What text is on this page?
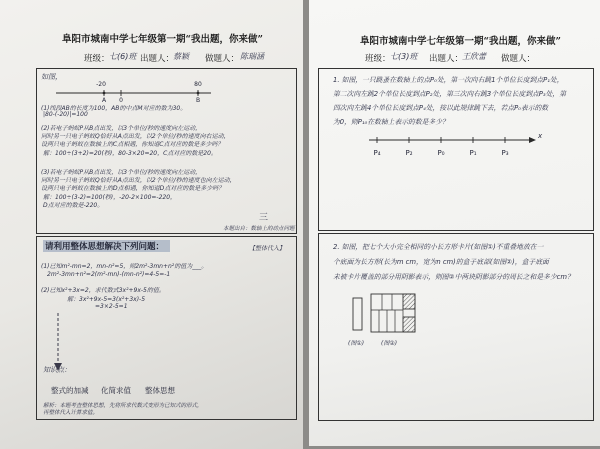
阜阳市城南中学七年级第一期“我出题，你来做”
班级： 七(6)班 出题人：
蔡颖 做题人： 陈瑞涵
如图，
-20	80
A 0	B
(1)线段AB的长度为100，AB的中点M对应的数为30。
|80-(-20)|=100
(2)若电子蚂蚁P从B点出发，以3个单位/秒的速度向左运动，
同时另一只电子蚂蚁Q恰好从A点出发，以2个单位/秒的速度向右运动，
设两只电子蚂蚁在数轴上的C点相遇，你知道C点对应的数是多少吗？
解：100÷(3+2)=20(秒)，80-3×20=20，C点对应的数是20。
(3)若电子蚂蚁P从B点出发，以3个单位/秒的速度向左运动，
同时另一只电子蚂蚁Q恰好从A点出发，以2个单位/秒的速度也向左运动，
设两只电子蚂蚁在数轴上的D点相遇，你知道D点对应的数是多少吗？
解：100÷(3-2)=100(秒)，-20-2×100=-220，
D点对应的数是-220。
三
本题出自：数轴上的动点问题
请利用整体思想解决下列问题：	【整体代入】
(1)已知m²-mn=2，mn-n²=5，则2m²-3mn+n²的值为___。
2m²-3mn+n²=2(m²-mn)-(mn-n²)=4-5=-1
(2)已知x²+3x=2，求代数式3x²+9x-5的值。
解：3x²+9x-5=3(x²+3x)-5
=3×2-5=1
知识点：
整式的加减 化简求值 整体思想
解析：本题考查整体思想，先将所求代数式变形为已知式的形式，
再整体代入计算求值。
阜阳市城南中学七年级第一期“我出题，你来做”
班级： 七(3)班 出题人：
王欣蕾 做题人：
1. 如图，一只跳蚤在数轴上的点P₀处，第一次向右跳1个单位长度到点P₁处，
第二次向左跳2个单位长度到点P₂处，第三次向右跳3个单位长度到点P₃处，第
四次向左跳4个单位长度到点P₄处，按以此规律跳下去，若点P₀表示的数
为0，则P₁₀在数轴上表示的数是多少？
x
P₄	P₂	P₀	P₁	P₃
2. 如图，把七个大小完全相同的小长方形卡片(如图①)不重叠地放在一
个底面为长方形(长为m cm，宽为n cm)的盒子底部(如图②)，盒子底面
未被卡片覆盖的部分用阴影表示，则图②中两块阴影部分的周长之和是多少cm？
(图①)	(图②)
